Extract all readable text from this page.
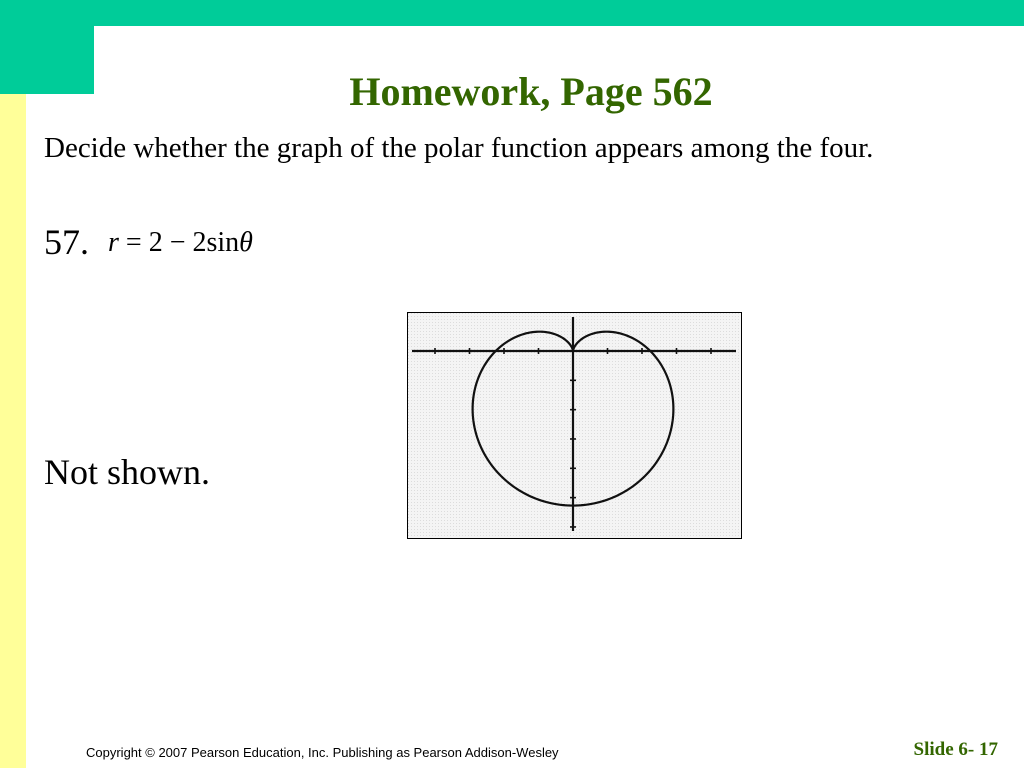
Homework, Page 562

Decide whether the graph of the polar function appears among the four.

57. r = 2 − 2sinθ
Not shown.
Copyright © 2007 Pearson Education, Inc. Publishing as Pearson Addison-Wesley	Slide 6- 17
